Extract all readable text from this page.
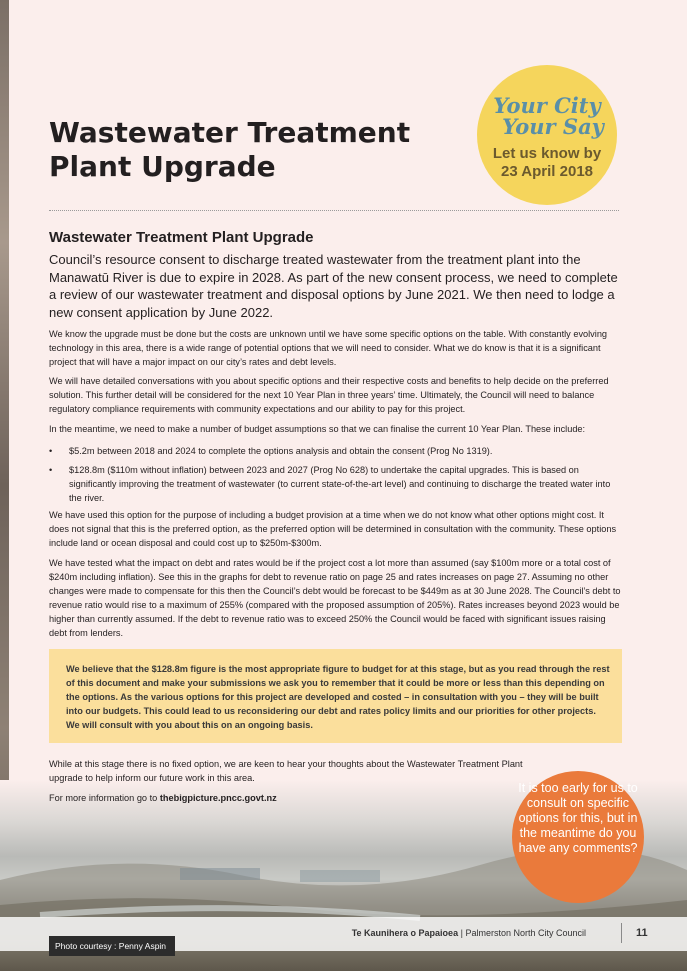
Wastewater Treatment
Plant Upgrade
Your City
Your Say
Let us know by
23 April 2018
Wastewater Treatment Plant Upgrade

Council’s resource consent to discharge treated wastewater from the treatment plant into the Manawatū River is due to expire in 2028. As part of the new consent process, we need to complete a review of our wastewater treatment and disposal options by June 2021. We then need to lodge a new consent application by June 2022.

We know the upgrade must be done but the costs are unknown until we have some specific options on the table. With constantly evolving technology in this area, there is a wide range of potential options that we will need to consider. What we do know is that it is a significant project that will have a major impact on our city’s rates and debt levels.

We will have detailed conversations with you about specific options and their respective costs and benefits to help decide on the preferred solution. This further detail will be considered for the next 10 Year Plan in three years’ time. Ultimately, the Council will need to balance regulatory compliance requirements with community expectations and our ability to pay for this project.

In the meantime, we need to make a number of budget assumptions so that we can finalise the current 10 Year Plan. These include:

• $5.2m between 2018 and 2024 to complete the options analysis and obtain the consent (Prog No 1319).
• $128.8m ($110m without inflation) between 2023 and 2027 (Prog No 628) to undertake the capital upgrades. This is based on significantly improving the treatment of wastewater (to current state-of-the-art level) and continuing to discharge the treated water into the river.

We have used this option for the purpose of including a budget provision at a time when we do not know what other options might cost. It does not signal that this is the preferred option, as the preferred option will be determined in consultation with the community. These options include land or ocean disposal and could cost up to $250m-$300m.

We have tested what the impact on debt and rates would be if the project cost a lot more than assumed (say $100m more or a total cost of $240m including inflation). See this in the graphs for debt to revenue ratio on page 25 and rates increases on page 27. Assuming no other changes were made to compensate for this then the Council’s debt would be forecast to be $449m as at 30 June 2028. The Council’s debt to revenue ratio would rise to a maximum of 255% (compared with the proposed assumption of 205%). Rates increases beyond 2023 would be higher than currently assumed. If the debt to revenue ratio was to exceed 250% the Council would be faced with significant issues raising debt from lenders.

We believe that the $128.8m figure is the most appropriate figure to budget for at this stage, but as you read through the rest of this document and make your submissions we ask you to remember that it could be more or less than this depending on the options. As the various options for this project are developed and costed – in consultation with you – they will be built into our budgets. This could lead to us reconsidering our debt and rates policy limits and our priorities for other projects. We will consult with you about this on an ongoing basis.

While at this stage there is no fixed option, we are keen to hear your thoughts about the Wastewater Treatment Plant upgrade to help inform our future work in this area.

For more information go to thebigpicture.pncc.govt.nz

It is too early for us to consult on specific options for this, but in the meantime do you have any comments?
Te Kaunihera o Papaioea | Palmerston North City Council	11
Photo courtesy : Penny Aspin
